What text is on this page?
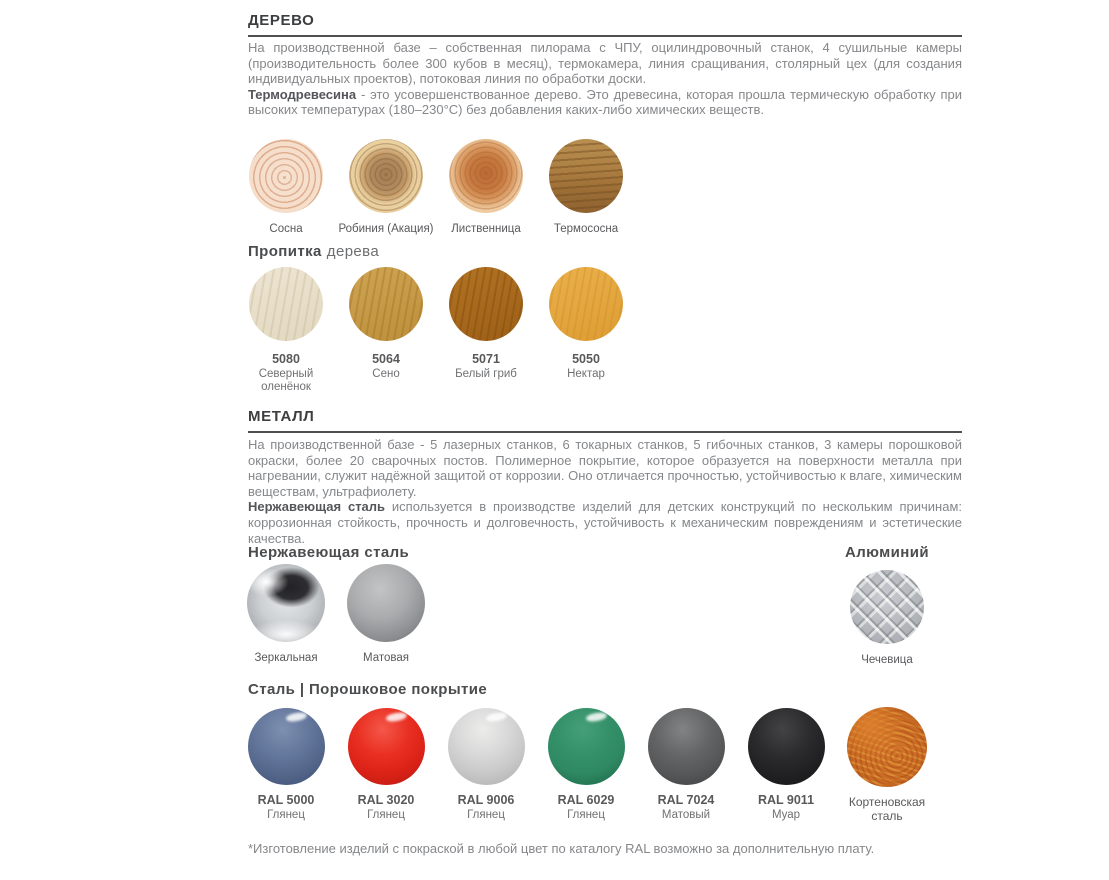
ДЕРЕВО
На производственной базе – собственная пилорама с ЧПУ, оцилиндровочный станок, 4 сушильные камеры (производительность более 300 кубов в месяц), термокамера, линия сращивания, столярный цех (для создания индивидуальных проектов), потоковая линия по обработки доски.
Термодревесина - это усовершенствованное дерево. Это древесина, которая прошла термическую обработку при высоких температурах (180–230°C) без добавления каких-либо химических веществ.
Сосна	Робиния (Акация) Лиственница	Термососна
Пропитка дерева
5080
Северный оленёнок
5064
Сено
5071
Белый гриб
5050
Нектар
МЕТАЛЛ
На производственной базе - 5 лазерных станков, 6 токарных станков, 5 гибочных станков, 3 камеры порошковой окраски, более 20 сварочных постов. Полимерное покрытие, которое образуется на поверхности металла при нагревании, служит надёжной защитой от коррозии. Оно отличается прочностью, устойчивостью к влаге, химическим веществам, ультрафиолету.
Нержавеющая сталь используется в производстве изделий для детских конструкций по нескольким причинам: коррозионная стойкость, прочность и долговечность, устойчивость к механическим повреждениям и эстетические качества.
Нержавеющая сталь
Зеркальная	Матовая
Алюминий
Чечевица
Сталь | Порошковое покрытие
RAL 5000
Глянец
RAL 3020
Глянец
RAL 9006
Глянец
RAL 6029
Глянец
RAL 7024
Матовый
RAL 9011
Муар
Кортеновская сталь
*Изготовление изделий с покраской в любой цвет по каталогу RAL возможно за дополнительную плату.
